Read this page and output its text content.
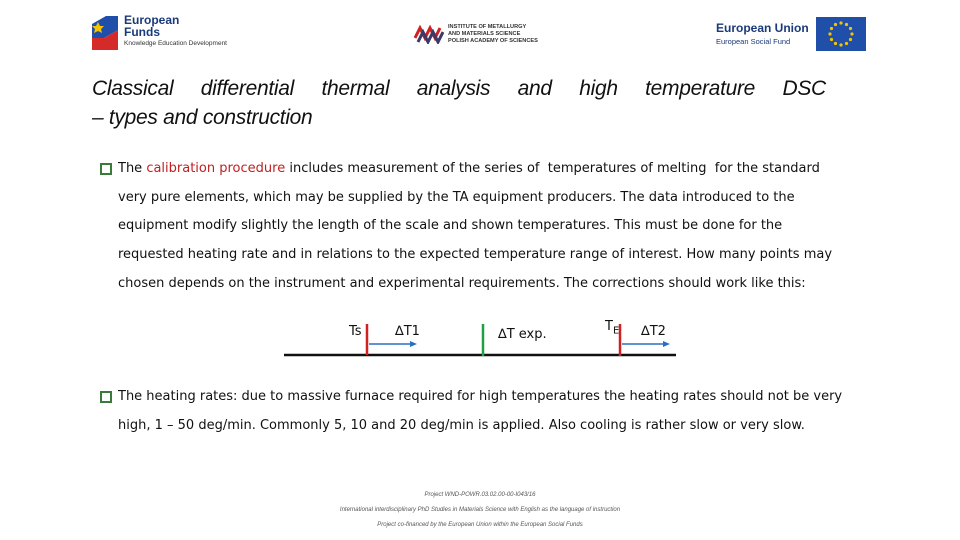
European
Funds
Knowledge Education Development
INSTITUTE OF METALLURGY
AND MATERIALS SCIENCE
POLISH ACADEMY OF SCIENCES
European Union
European Social Fund
Classical differential thermal analysis and high temperature DSC
– types and construction
The calibration procedure includes measurement of the series of  temperatures of melting  for the standard
very pure elements, which may be supplied by the TA equipment producers. The data introduced to the
equipment modify slightly the length of the scale and shown temperatures. This must be done for the
requested heating rate and in relations to the expected temperature range of interest. How many points may
chosen depends on the instrument and experimental requirements. The corrections should work like this:
Ts	∆T1	∆T exp.
$T_E$ ∆T2
The heating rates: due to massive furnace required for high temperatures the heating rates should not be very
high, 1 – 50 deg/min. Commonly 5, 10 and 20 deg/min is applied. Also cooling is rather slow or very slow.
Project WND-POWR.03.02.00-00-I043/16
International interdisciplinary PhD Studies in Materials Science with English as the language of instruction
Project co-financed by the European Union within the European Social Funds
